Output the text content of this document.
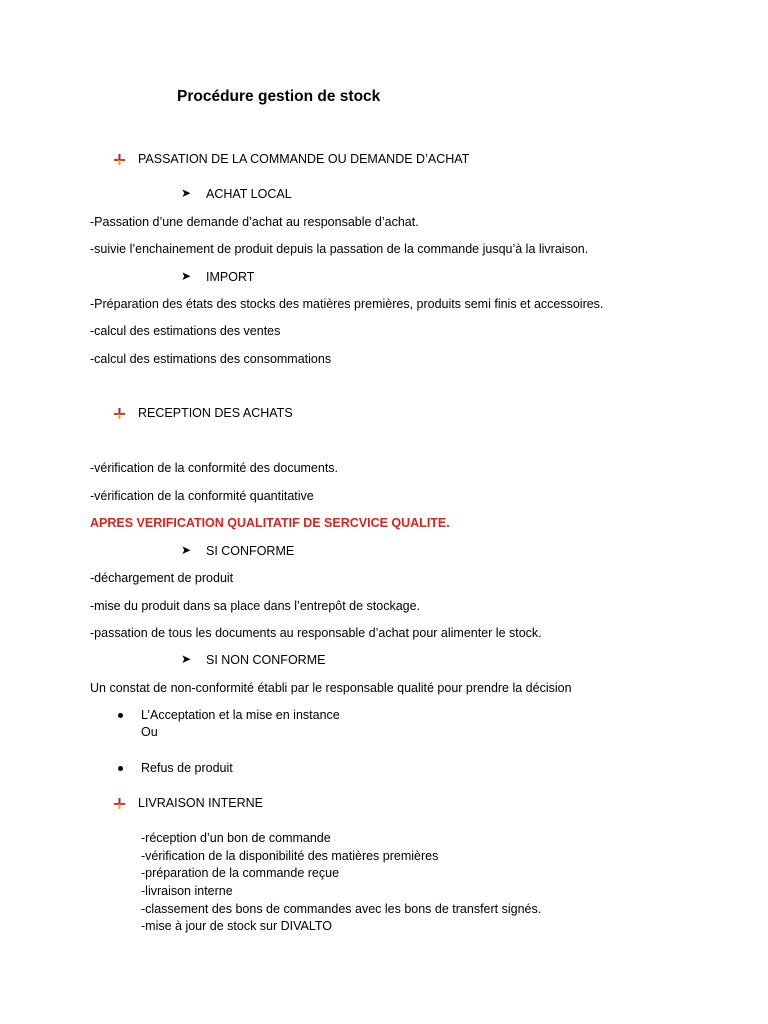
Procédure gestion de stock
PASSATION DE LA COMMANDE OU DEMANDE D’ACHAT
➤ ACHAT LOCAL
-Passation d’une demande d’achat au responsable d’achat.
-suivie l’enchainement de produit depuis la passation de la commande jusqu’à la livraison.
➤ IMPORT
-Préparation des états des stocks des matières premières, produits semi finis et accessoires.
-calcul des estimations des ventes
-calcul des estimations des consommations
RECEPTION DES ACHATS
-vérification de la conformité des documents.
-vérification de la conformité quantitative
APRES VERIFICATION QUALITATIF DE SERCVICE QUALITE.
➤ SI CONFORME
-déchargement de produit
-mise du produit dans sa place dans l’entrepôt de stockage.
-passation de tous les documents au responsable d’achat pour alimenter le stock.
➤ SI NON CONFORME
Un constat de non-conformité établi par le responsable qualité pour prendre la décision
L’Acceptation et la mise en instance
Ou
Refus de produit
LIVRAISON INTERNE
-réception d’un bon de commande
-vérification de la disponibilité des matières premières
-préparation de la commande reçue
-livraison interne
-classement des bons de commandes avec les bons de transfert signés.
-mise à jour de stock sur DIVALTO
